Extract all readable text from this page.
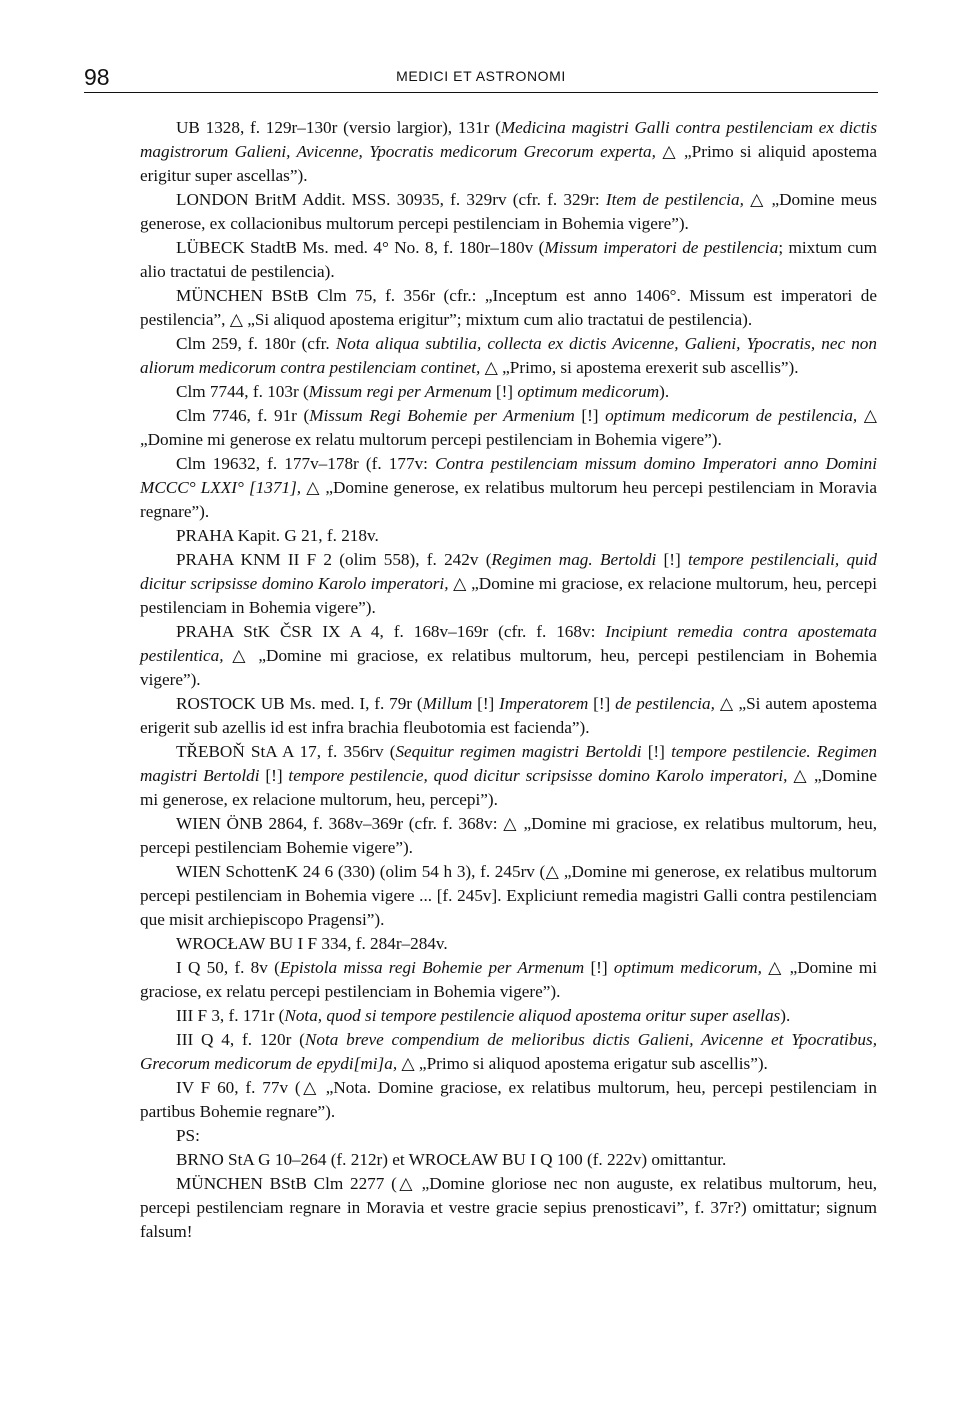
98	MEDICI ET ASTRONOMI

UB 1328, f. 129r–130r (versio largior), 131r (Medicina magistri Galli contra pestilenciam ex dictis magistrorum Galieni, Avicenne, Ypocratis medicorum Grecorum experta, △ „Primo si aliquid apostema erigitur super ascellas”).

LONDON BritM Addit. MSS. 30935, f. 329rv (cfr. f. 329r: Item de pestilencia, △ „Domine meus generose, ex collacionibus multorum percepi pestilenciam in Bohemia vigere”).

LÜBECK StadtB Ms. med. 4° No. 8, f. 180r–180v (Missum imperatori de pestilencia; mixtum cum alio tractatui de pestilencia).

MÜNCHEN BStB Clm 75, f. 356r (cfr.: „Inceptum est anno 1406°. Missum est imperatori de pestilencia”, △ „Si aliquod apostema erigitur”; mixtum cum alio tractatui de pestilencia).

Clm 259, f. 180r (cfr. Nota aliqua subtilia, collecta ex dictis Avicenne, Galieni, Ypocratis, nec non aliorum medicorum contra pestilenciam continet, △ „Primo, si apostema erexerit sub ascellis”).

Clm 7744, f. 103r (Missum regi per Armenum [!] optimum medicorum).

Clm 7746, f. 91r (Missum Regi Bohemie per Armenium [!] optimum medicorum de pestilencia, △ „Domine mi generose ex relatu multorum percepi pestilenciam in Bohemia vigere”).

Clm 19632, f. 177v–178r (f. 177v: Contra pestilenciam missum domino Imperatori anno Domini MCCC° LXXI° [1371], △ „Domine generose, ex relatibus multorum heu percepi pestilenciam in Moravia regnare”).

PRAHA Kapit. G 21, f. 218v.

PRAHA KNM II F 2 (olim 558), f. 242v (Regimen mag. Bertoldi [!] tempore pestilenciali, quid dicitur scripsisse domino Karolo imperatori, △ „Domine mi graciose, ex relacione multorum, heu, percepi pestilenciam in Bohemia vigere”).

PRAHA StK ČSR IX A 4, f. 168v–169r (cfr. f. 168v: Incipiunt remedia contra apostemata pestilentica, △ „Domine mi graciose, ex relatibus multorum, heu, percepi pestilenciam in Bohemia vigere”).

ROSTOCK UB Ms. med. I, f. 79r (Millum [!] Imperatorem [!] de pestilencia, △ „Si autem apostema erigerit sub azellis id est infra brachia fleubotomia est facienda”).

TŘEBOŇ StA A 17, f. 356rv (Sequitur regimen magistri Bertoldi [!] tempore pestilencie. Regimen magistri Bertoldi [!] tempore pestilencie, quod dicitur scripsisse domino Karolo imperatori, △ „Domine mi generose, ex relacione multorum, heu, percepi”).

WIEN ÖNB 2864, f. 368v–369r (cfr. f. 368v: △ „Domine mi graciose, ex relatibus multorum, heu, percepi pestilenciam Bohemie vigere”).

WIEN SchottenK 24 6 (330) (olim 54 h 3), f. 245rv (△ „Domine mi generose, ex relatibus multorum percepi pestilenciam in Bohemia vigere ... [f. 245v]. Expliciunt remedia magistri Galli contra pestilenciam que misit archiepiscopo Pragensi”).

WROCŁAW BU I F 334, f. 284r–284v.

I Q 50, f. 8v (Epistola missa regi Bohemie per Armenum [!] optimum medicorum, △ „Domine mi graciose, ex relatu percepi pestilenciam in Bohemia vigere”).

III F 3, f. 171r (Nota, quod si tempore pestilencie aliquod apostema oritur super asellas).

III Q 4, f. 120r (Nota breve compendium de melioribus dictis Galieni, Avicenne et Ypocratibus, Grecorum medicorum de epydi[mi]a, △ „Primo si aliquod apostema erigatur sub ascellis”).

IV F 60, f. 77v (△ „Nota. Domine graciose, ex relatibus multorum, heu, percepi pestilenciam in partibus Bohemie regnare”).

PS:

BRNO StA G 10–264 (f. 212r) et WROCŁAW BU I Q 100 (f. 222v) omittantur.

MÜNCHEN BStB Clm 2277 (△ „Domine gloriose nec non auguste, ex relatibus multorum, heu, percepi pestilenciam regnare in Moravia et vestre gracie sepius prenosticavi”, f. 37r?) omittatur; signum falsum!
